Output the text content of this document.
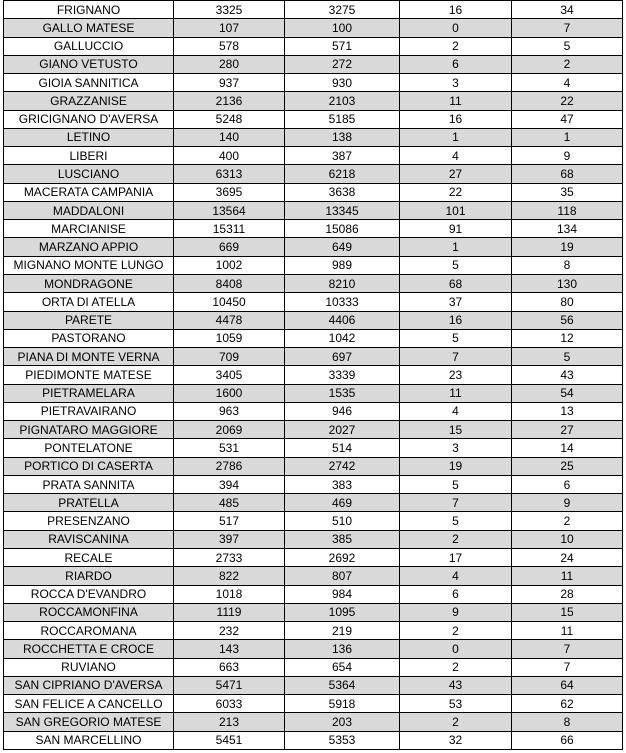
FRIGNANO	3325	3275	16	34
GALLO MATESE	107	100	0	7
GALLUCCIO	578	571	2	5
GIANO VETUSTO	280	272	6	2
GIOIA SANNITICA	937	930	3	4
GRAZZANISE	2136	2103	11	22
GRICIGNANO D'AVERSA	5248	5185	16	47
LETINO	140	138	1	1
LIBERI	400	387	4	9
LUSCIANO	6313	6218	27	68
MACERATA CAMPANIA	3695	3638	22	35
MADDALONI	13564	13345	101	118
MARCIANISE	15311	15086	91	134
MARZANO APPIO	669	649	1	19
MIGNANO MONTE LUNGO	1002	989	5	8
MONDRAGONE	8408	8210	68	130
ORTA DI ATELLA	10450	10333	37	80
PARETE	4478	4406	16	56
PASTORANO	1059	1042	5	12
PIANA DI MONTE VERNA	709	697	7	5
PIEDIMONTE MATESE	3405	3339	23	43
PIETRAMELARA	1600	1535	11	54
PIETRAVAIRANO	963	946	4	13
PIGNATARO MAGGIORE	2069	2027	15	27
PONTELATONE	531	514	3	14
PORTICO DI CASERTA	2786	2742	19	25
PRATA SANNITA	394	383	5	6
PRATELLA	485	469	7	9
PRESENZANO	517	510	5	2
RAVISCANINA	397	385	2	10
RECALE	2733	2692	17	24
RIARDO	822	807	4	11
ROCCA D'EVANDRO	1018	984	6	28
ROCCAMONFINA	1119	1095	9	15
ROCCAROMANA	232	219	2	11
ROCCHETTA E CROCE	143	136	0	7
RUVIANO	663	654	2	7
SAN CIPRIANO D'AVERSA	5471	5364	43	64
SAN FELICE A CANCELLO	6033	5918	53	62
SAN GREGORIO MATESE	213	203	2	8
SAN MARCELLINO	5451	5353	32	66
